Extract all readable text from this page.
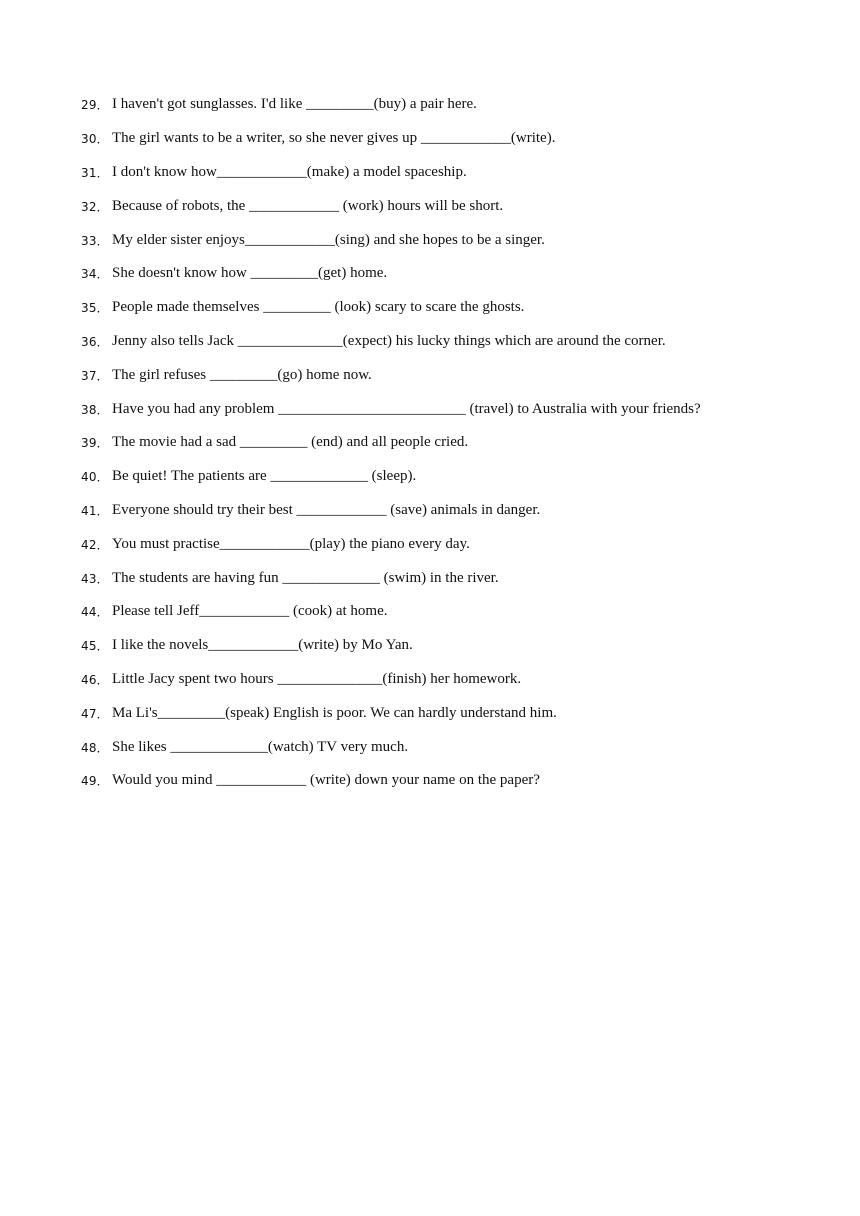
29． I haven't got sunglasses. I'd like _________(buy) a pair here.
30． The girl wants to be a writer, so she never gives up ____________(write).
31． I don't know how____________(make) a model spaceship.
32． Because of robots, the ____________ (work) hours will be short.
33． My elder sister enjoys____________(sing) and she hopes to be a singer.
34． She doesn't know how _________(get) home.
35． People made themselves _________ (look) scary to scare the ghosts.
36． Jenny also tells Jack ______________(expect) his lucky things which are around the corner.
37． The girl refuses _________(go) home now.
38． Have you had any problem _________________________ (travel) to Australia with your friends?
39． The movie had a sad _________ (end) and all people cried.
40． Be quiet! The patients are _____________ (sleep).
41． Everyone should try their best ____________ (save) animals in danger.
42． You must practise____________(play) the piano every day.
43． The students are having fun _____________ (swim) in the river.
44． Please tell Jeff____________ (cook) at home.
45． I like the novels____________(write) by Mo Yan.
46． Little Jacy spent two hours ______________(finish) her homework.
47． Ma Li's_________(speak) English is poor. We can hardly understand him.
48． She likes _____________(watch) TV very much.
49． Would you mind ____________ (write) down your name on the paper?
